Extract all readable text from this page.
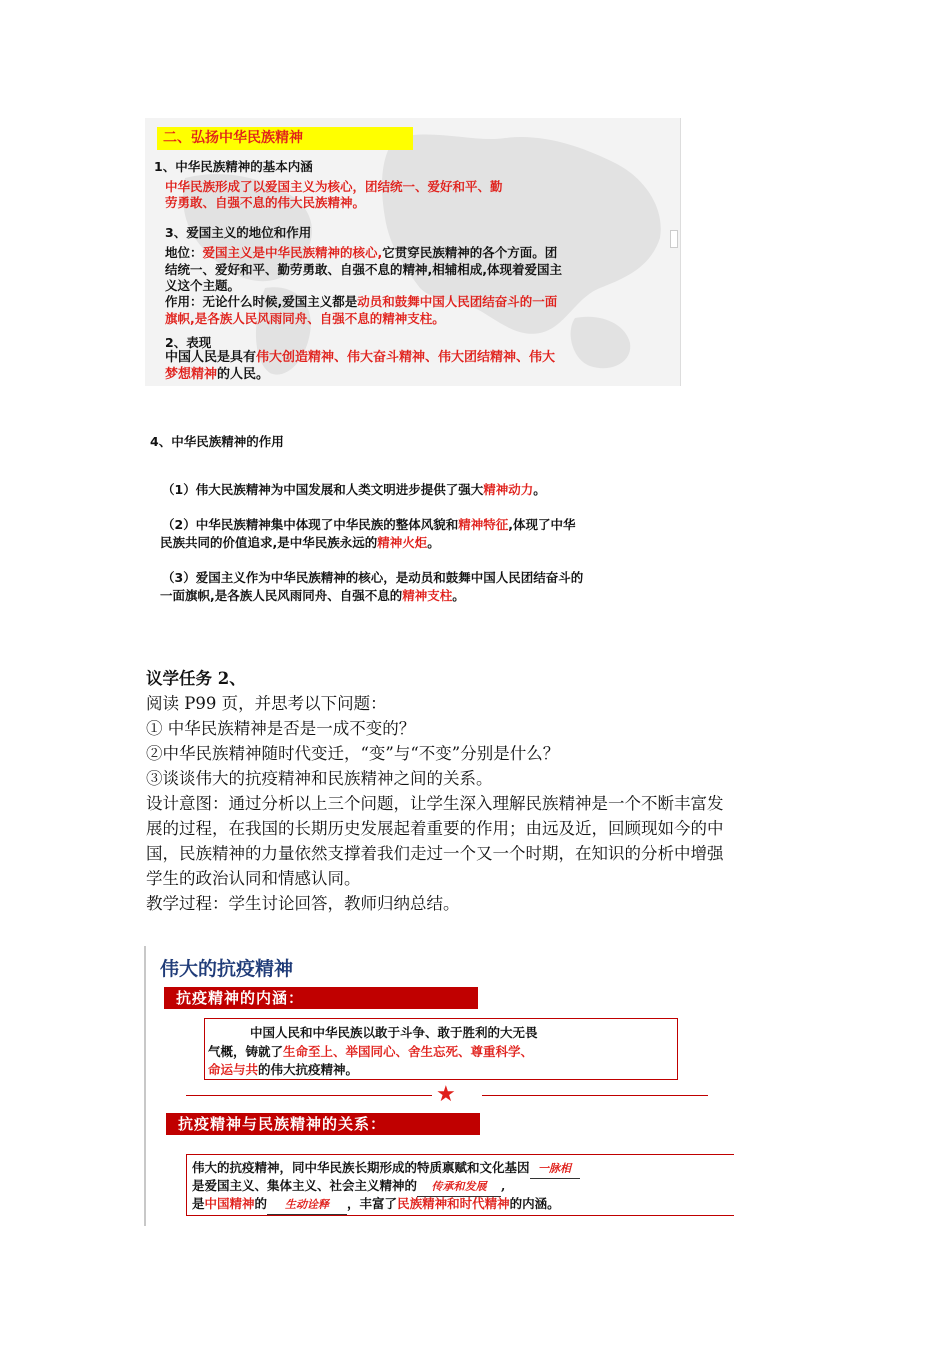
二、弘扬中华民族精神
1、中华民族精神的基本内涵
中华民族形成了以爱国主义为核心，团结统一、爱好和平、勤
劳勇敢、自强不息的伟大民族精神。
3、爱国主义的地位和作用
地位：爱国主义是中华民族精神的核心,它贯穿民族精神的各个方面。团
结统一、爱好和平、勤劳勇敢、自强不息的精神,相辅相成,体现着爱国主
义这个主题。
作用：无论什么时候,爱国主义都是动员和鼓舞中国人民团结奋斗的一面
旗帜,是各族人民风雨同舟、自强不息的精神支柱。
2、表现
中国人民是具有伟大创造精神、伟大奋斗精神、伟大团结精神、伟大
梦想精神的人民。
4、中华民族精神的作用
（1）伟大民族精神为中国发展和人类文明进步提供了强大精神动力。
（2）中华民族精神集中体现了中华民族的整体风貌和精神特征,体现了中华
民族共同的价值追求,是中华民族永远的精神火炬。
（3）爱国主义作为中华民族精神的核心，是动员和鼓舞中国人民团结奋斗的
一面旗帜,是各族人民风雨同舟、自强不息的精神支柱。
议学任务 2、
阅读 P99 页，并思考以下问题：
① 中华民族精神是否是一成不变的？
②中华民族精神随时代变迁，“变”与“不变”分别是什么？
③谈谈伟大的抗疫精神和民族精神之间的关系。
设计意图：通过分析以上三个问题，让学生深入理解民族精神是一个不断丰富发
展的过程，在我国的长期历史发展起着重要的作用；由远及近，回顾现如今的中
国，民族精神的力量依然支撑着我们走过一个又一个时期，在知识的分析中增强
学生的政治认同和情感认同。
教学过程：学生讨论回答，教师归纳总结。
伟大的抗疫精神
抗疫精神的内涵：
中国人民和中华民族以敢于斗争、敢于胜利的大无畏
气概，铸就了生命至上、举国同心、舍生忘死、尊重科学、
命运与共的伟大抗疫精神。
★
抗疫精神与民族精神的关系：
伟大的抗疫精神，同中华民族长期形成的特质禀赋和文化基因 一脉相
是爱国主义、集体主义、社会主义精神的 传承和发展 ,
是中国精神的 生动诠释 ，丰富了民族精神和时代精神的内涵。
